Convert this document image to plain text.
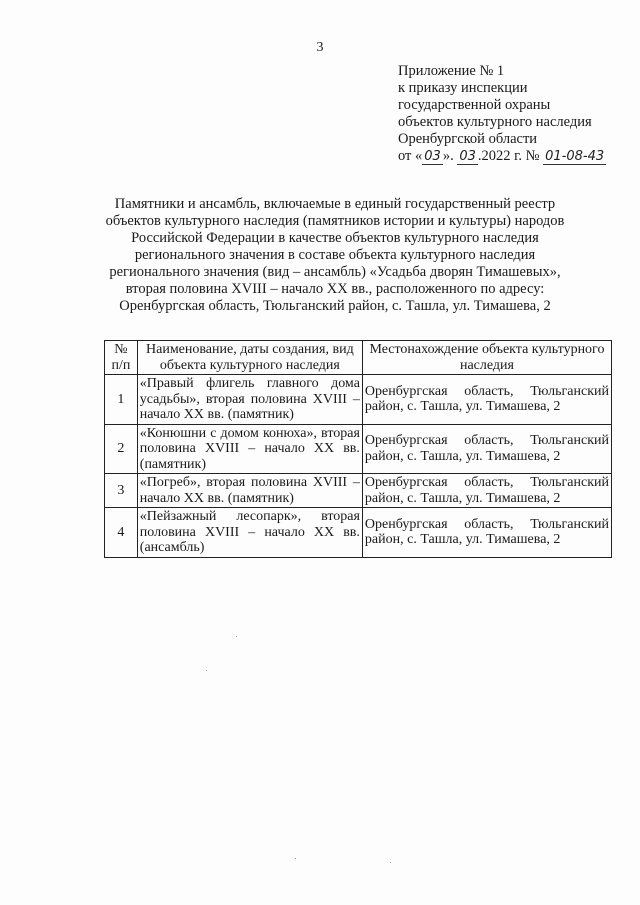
3
Приложение № 1
к приказу инспекции
государственной охраны
объектов культурного наследия
Оренбургской области
от « 03 ». 03 .2022 г. № 01-08-43
Памятники и ансамбль, включаемые в единый государственный реестр
объектов культурного наследия (памятников истории и культуры) народов
Российской Федерации в качестве объектов культурного наследия
регионального значения в составе объекта культурного наследия
регионального значения (вид – ансамбль) «Усадьба дворян Тимашевых»,
вторая половина XVIII – начало XX вв., расположенного по адресу:
Оренбургская область, Тюльганский район, с. Ташла, ул. Тимашева, 2
№ п/п	Наименование, даты создания, вид объекта культурного наследия	Местонахождение объекта культурного наследия
1	«Правый флигель главного дома усадьбы», вторая половина XVIII – начало XX вв. (памятник)	Оренбургская область, Тюльганский район, с. Ташла, ул. Тимашева, 2
2	«Конюшни с домом конюха», вторая половина XVIII – начало XX вв. (памятник)	Оренбургская область, Тюльганский район, с. Ташла, ул. Тимашева, 2
3	«Погреб», вторая половина XVIII – начало XX вв. (памятник)	Оренбургская область, Тюльганский район, с. Ташла, ул. Тимашева, 2
4	«Пейзажный лесопарк», вторая половина XVIII – начало XX вв. (ансамбль)	Оренбургская область, Тюльганский район, с. Ташла, ул. Тимашева, 2
